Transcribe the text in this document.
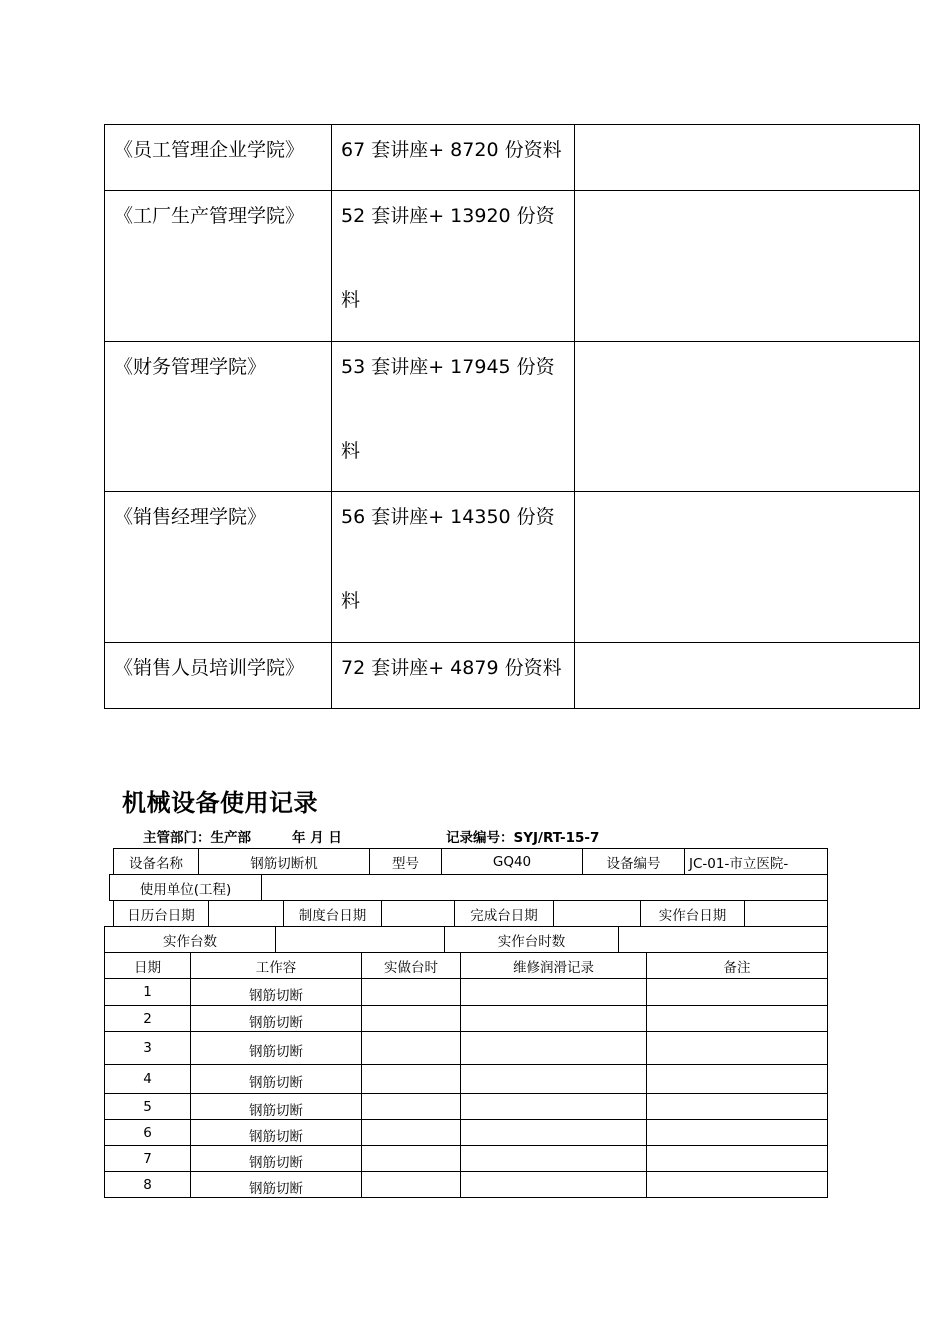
《员工管理企业学院》	67 套讲座+ 8720 份资料	
《工厂生产管理学院》	52 套讲座+ 13920 份资
料	

《财务管理学院》	53 套讲座+ 17945 份资
料	

《销售经理学院》	56 套讲座+ 14350 份资
料	

《销售人员培训学院》	72 套讲座+ 4879 份资料	
机械设备使用记录
主管部门：生产部	年 月 日	记录编号：SYJ/RT-15-7
设备名称	钢筋切断机	型号	GQ40	设备编号	JC-01-市立医院-
使用单位(工程)
日历台日期	制度台日期	完成台日期	实作台日期
实作台数	实作台时数
日期	工作容	实做台时	维修润滑记录	备注
1	钢筋切断
2	钢筋切断
3	钢筋切断
4	钢筋切断
5	钢筋切断
6	钢筋切断
7	钢筋切断
8	钢筋切断
